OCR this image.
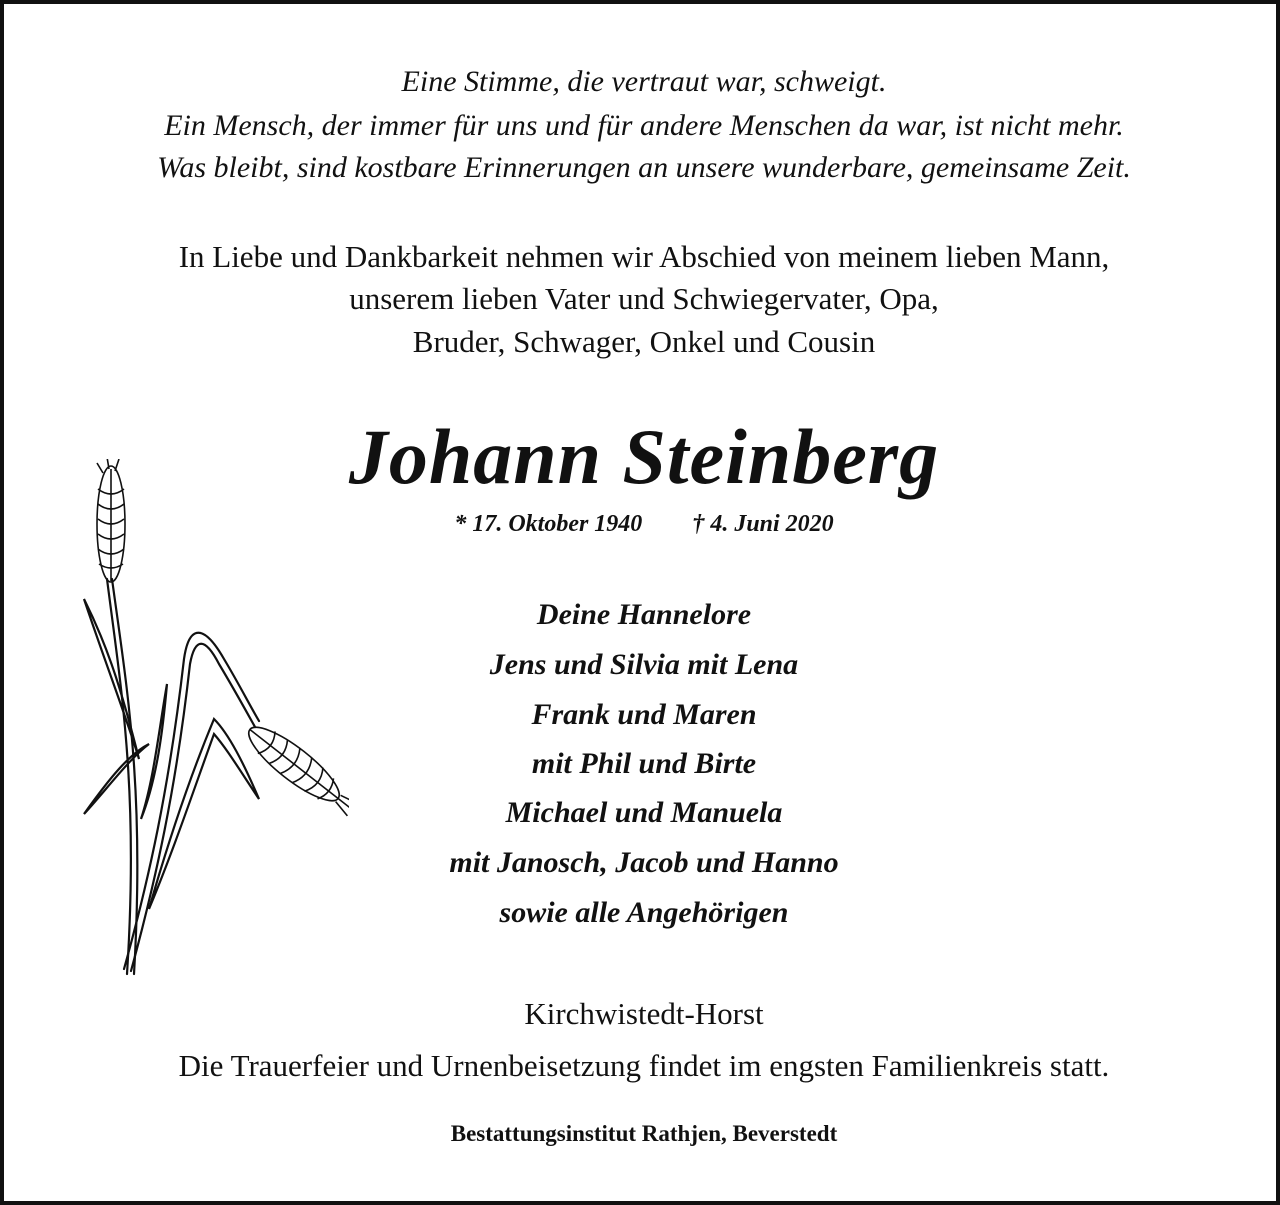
Eine Stimme, die vertraut war, schweigt.
Ein Mensch, der immer für uns und für andere Menschen da war, ist nicht mehr.
Was bleibt, sind kostbare Erinnerungen an unsere wunderbare, gemeinsame Zeit.
In Liebe und Dankbarkeit nehmen wir Abschied von meinem lieben Mann,
unserem lieben Vater und Schwiegervater, Opa,
Bruder, Schwager, Onkel und Cousin
Johann Steinberg
* 17. Oktober 1940 † 4. Juni 2020
Deine Hannelore
Jens und Silvia mit Lena
Frank und Maren
mit Phil und Birte
Michael und Manuela
mit Janosch, Jacob und Hanno
sowie alle Angehörigen
Kirchwistedt-Horst
Die Trauerfeier und Urnenbeisetzung findet im engsten Familienkreis statt.
Bestattungsinstitut Rathjen, Beverstedt
